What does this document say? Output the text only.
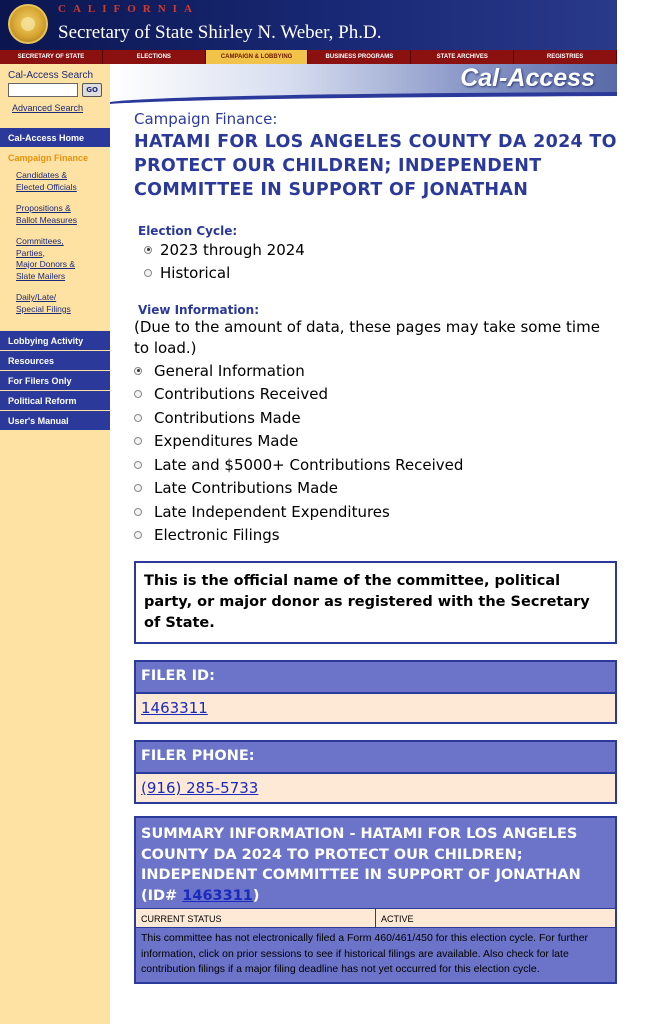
CALIFORNIA
Secretary of State Shirley N. Weber, Ph.D.
SECRETARY OF STATE	ELECTIONS	CAMPAIGN & LOBBYING	BUSINESS PROGRAMS	STATE ARCHIVES	REGISTRIES
Cal-Access
Cal-Access Search
GO
Advanced Search
Cal-Access Home
Campaign Finance
Candidates &
Elected Officials
Propositions &
Ballot Measures
Committees,
Parties,
Major Donors &
Slate Mailers
Daily/Late/
Special Filings
Lobbying Activity
Resources
For Filers Only
Political Reform
User's Manual
Campaign Finance:
HATAMI FOR LOS ANGELES COUNTY DA 2024 TO PROTECT OUR CHILDREN; INDEPENDENT COMMITTEE IN SUPPORT OF JONATHAN
Election Cycle:
2023 through 2024
Historical
View Information:
(Due to the amount of data, these pages may take some time to load.)
General Information
Contributions Received
Contributions Made
Expenditures Made
Late and $5000+ Contributions Received
Late Contributions Made
Late Independent Expenditures
Electronic Filings
This is the official name of the committee, political party, or major donor as registered with the Secretary of State.
FILER ID:
1463311
FILER PHONE:
(916) 285-5733
SUMMARY INFORMATION - HATAMI FOR LOS ANGELES COUNTY DA 2024 TO PROTECT OUR CHILDREN; INDEPENDENT COMMITTEE IN SUPPORT OF JONATHAN (ID# 1463311)
CURRENT STATUS	ACTIVE
This committee has not electronically filed a Form 460/461/450 for this election cycle. For further information, click on prior sessions to see if historical filings are available. Also check for late contribution filings if a major filing deadline has not yet occurred for this election cycle.
